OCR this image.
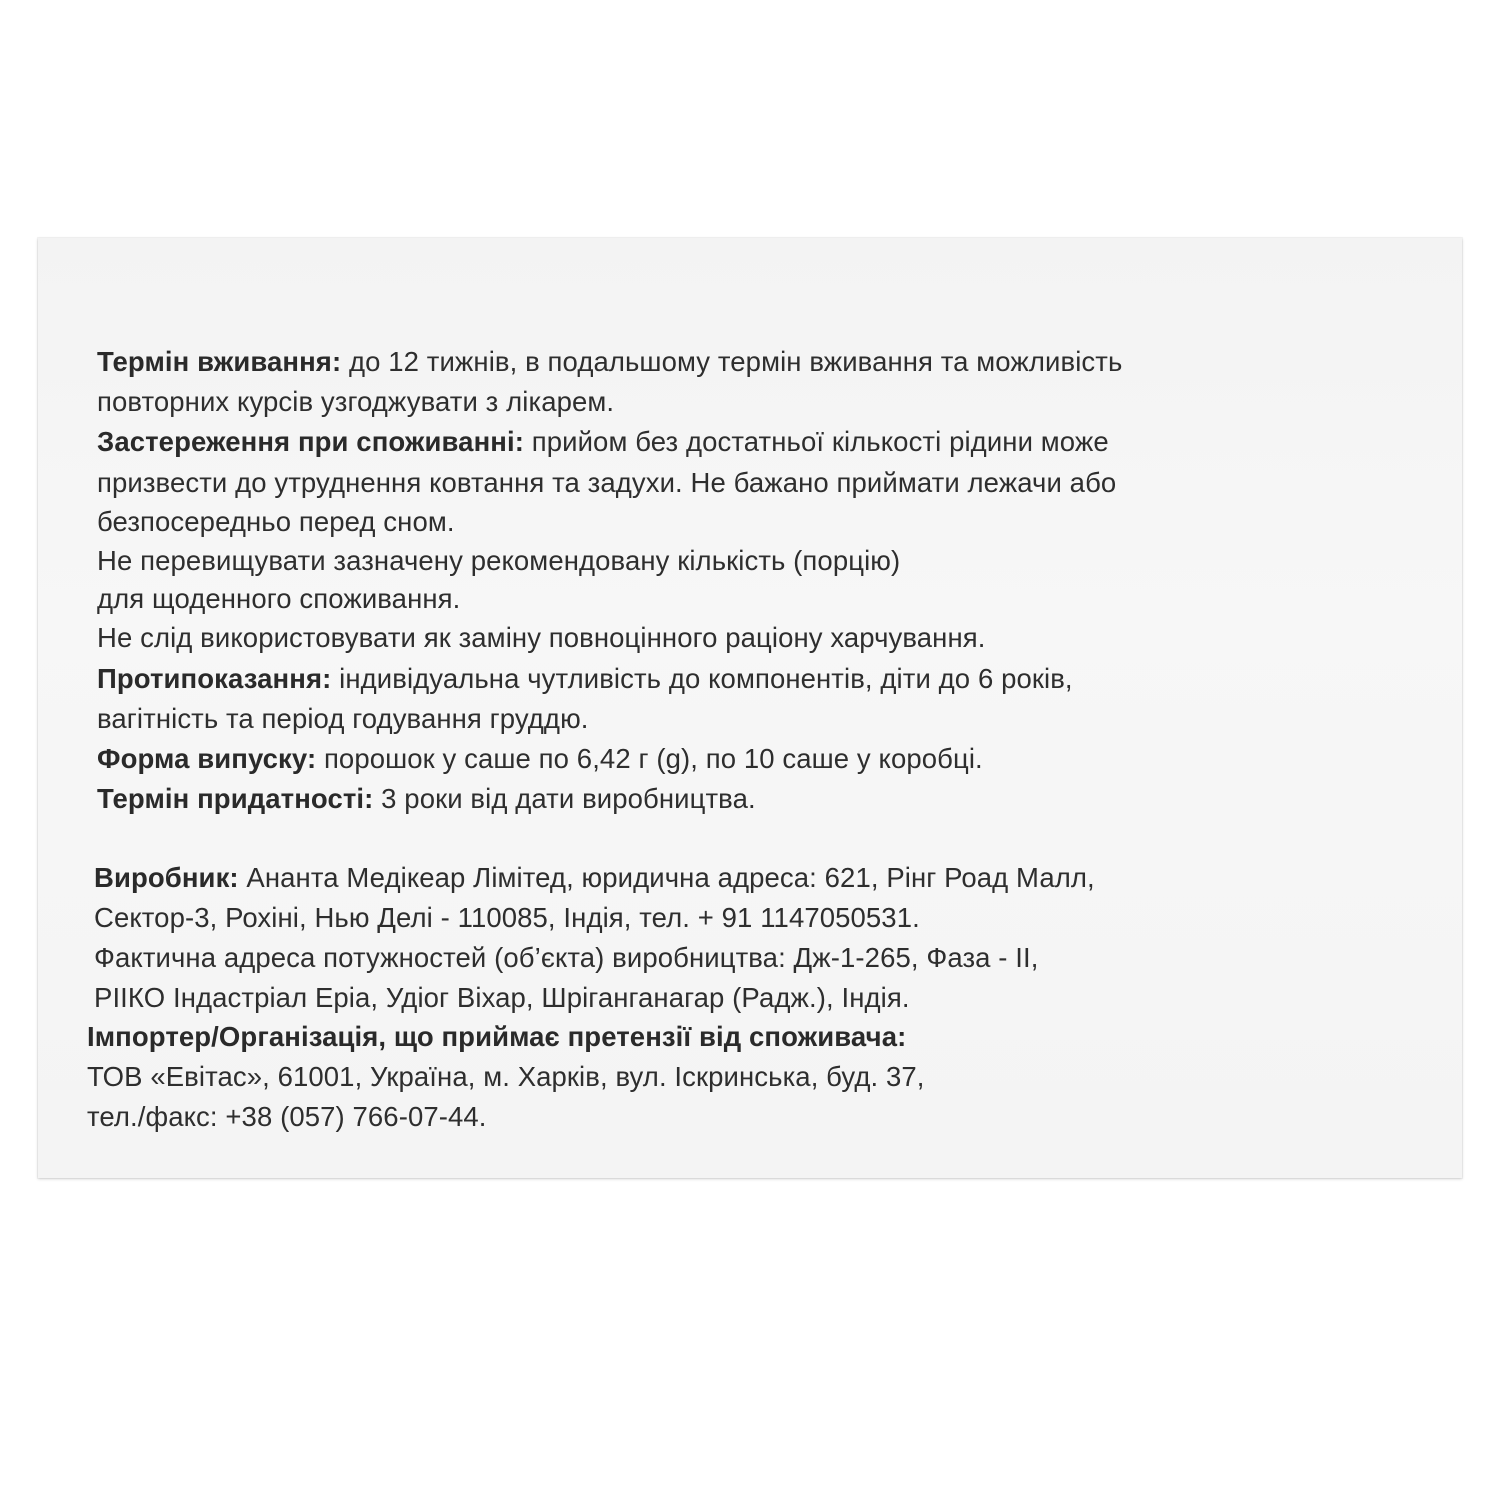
Термін вживання: до 12 тижнів, в подальшому термін вживання та можливість
повторних курсів узгоджувати з лікарем.
Застереження при споживанні: прийом без достатньої кількості рідини може
призвести до утруднення ковтання та задухи. Не бажано приймати лежачи або
безпосередньо перед сном.
Не перевищувати зазначену рекомендовану кількість (порцію)
для щоденного споживання.
Не слід використовувати як заміну повноцінного раціону харчування.
Протипоказання: індивідуальна чутливість до компонентів, діти до 6 років,
вагітність та період годування груддю.
Форма випуску: порошок у саше по 6,42 г (g), по 10 саше у коробці.
Термін придатності: 3 роки від дати виробництва.
Виробник: Ананта Медікеар Лімітед, юридична адреса: 621, Рінг Роад Малл,
Сектор-3, Рохіні, Нью Делі - 110085, Індія, тел. + 91 1147050531.
Фактична адреса потужностей (об’єкта) виробництва: Дж-1-265, Фаза - II,
РІІКО Індастріал Еріа, Удіог Віхар, Шріганганагар (Радж.), Індія.
Імпортер/Організація, що приймає претензії від споживача:
ТОВ «Евітас», 61001, Україна, м. Харків, вул. Іскринська, буд. 37,
тел./факс: +38 (057) 766-07-44.
